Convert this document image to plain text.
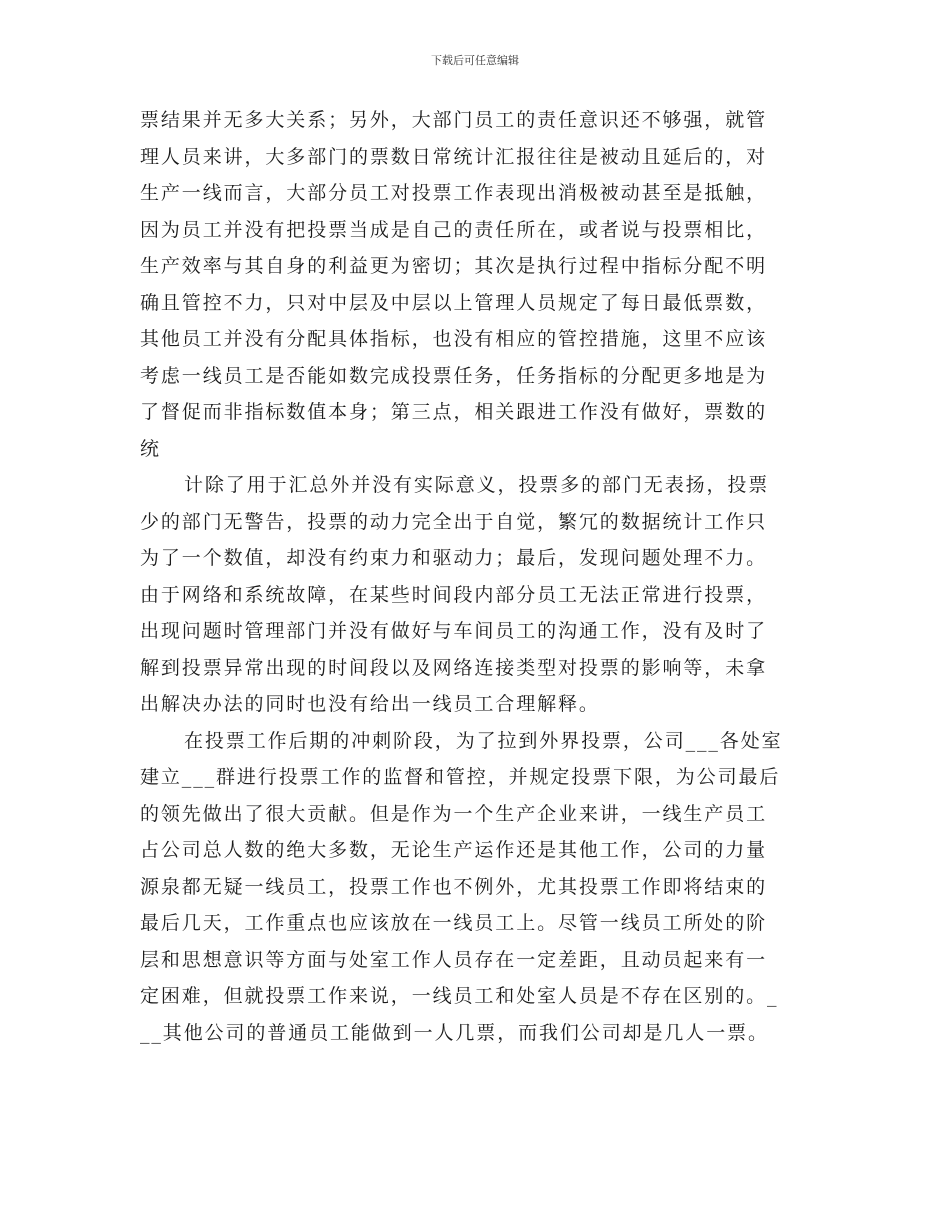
下载后可任意编辑
票结果并无多大关系；另外，大部门员工的责任意识还不够强，就管
理人员来讲，大多部门的票数日常统计汇报往往是被动且延后的，对
生产一线而言，大部分员工对投票工作表现出消极被动甚至是抵触，
因为员工并没有把投票当成是自己的责任所在，或者说与投票相比，
生产效率与其自身的利益更为密切；其次是执行过程中指标分配不明
确且管控不力，只对中层及中层以上管理人员规定了每日最低票数，
其他员工并没有分配具体指标，也没有相应的管控措施，这里不应该
考虑一线员工是否能如数完成投票任务，任务指标的分配更多地是为
了督促而非指标数值本身；第三点，相关跟进工作没有做好，票数的
统
计除了用于汇总外并没有实际意义，投票多的部门无表扬，投票
少的部门无警告，投票的动力完全出于自觉，繁冗的数据统计工作只
为了一个数值，却没有约束力和驱动力；最后，发现问题处理不力。
由于网络和系统故障，在某些时间段内部分员工无法正常进行投票，
出现问题时管理部门并没有做好与车间员工的沟通工作，没有及时了
解到投票异常出现的时间段以及网络连接类型对投票的影响等，未拿
出解决办法的同时也没有给出一线员工合理解释。
在投票工作后期的冲刺阶段，为了拉到外界投票，公司___各处室
建立___群进行投票工作的监督和管控，并规定投票下限，为公司最后
的领先做出了很大贡献。但是作为一个生产企业来讲，一线生产员工
占公司总人数的绝大多数，无论生产运作还是其他工作，公司的力量
源泉都无疑一线员工，投票工作也不例外，尤其投票工作即将结束的
最后几天，工作重点也应该放在一线员工上。尽管一线员工所处的阶
层和思想意识等方面与处室工作人员存在一定差距，且动员起来有一
定困难，但就投票工作来说，一线员工和处室人员是不存在区别的。_
__其他公司的普通员工能做到一人几票，而我们公司却是几人一票。
